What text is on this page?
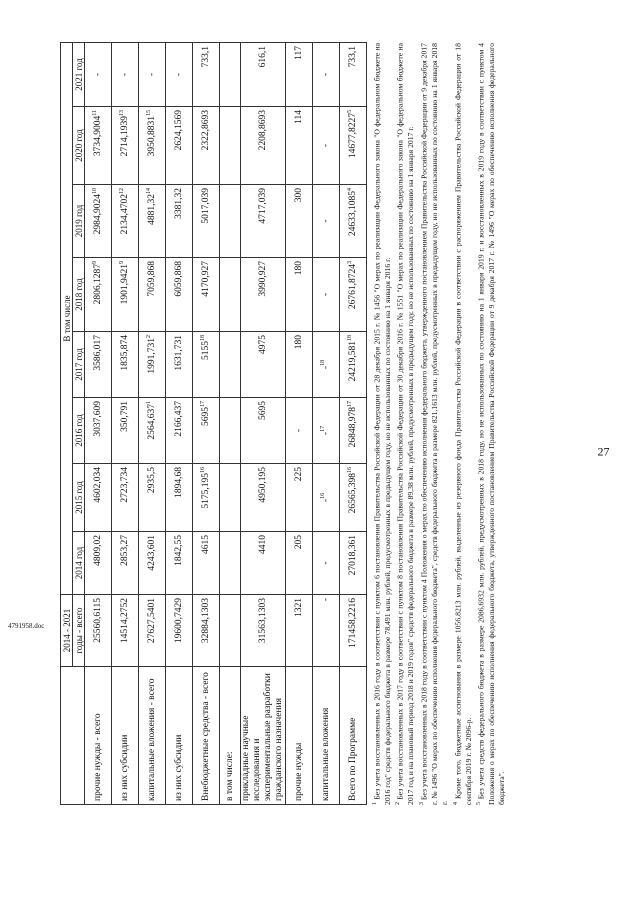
27
	2014 - 2021	В том числе							
	годы - всего	2014 год	2015 год	2016 год	2017 год	2018 год	2019 год	2020 год	2021 год
прочие нужды - всего	25560,6115	4809,02	4602,034	3037,609	3586,017	2806,1287$^9$	2984,9024$^{10}$	3734,9004$^{11}$	-
из них субсидии	14514,2752	2853,27	2723,734	350,791	1835,874	1901,9421$^9$	2134,4702$^{12}$	2714,1939$^{13}$	-
капитальные вложения - всего	27627,5401	4243,601	2935,5	2564,637$^1$	1991,731$^2$	7059,868	4881,32$^{14}$	3950,8831$^{15}$	-
из них субсидии	19600,7429	1842,55	1894,68	2166,437	1631,731	6059,868	3381,32	2624,1569	-
Внебюджетные средства - всего	32884,1303	4615	5175,195$^{16}$	5695$^{17}$	5155$^{18}$	4170,927	5017,039	2322,8693	733,1
в том числе:									
прикладные научные исследования и экспериментальные разработки гражданского назначения	31563,1303	4410	4950,195	5695	4975	3990,927	4717,039	2208,8693	616,1
прочие нужды	1321	205	225	-	180	180	300	114	117
капитальные вложения	-	-	-$^{16}$	-$^{17}$	-$^{18}$	-	-	-	-
Всего по Программе	171458,2216	27018,361	26565,398$^{16}$	26848,978$^{17}$	24219,581$^{18}$	26761,8724$^3$	24633,1085$^4$	14677,8227$^5$	733,1

$^1$ Без учета восстановленных в 2016 году в соответствии с пунктом 6 постановления Правительства Российской Федерации от 28 декабря 2015 г. № 1456 "О мерах по реализации Федерального закона "О федеральном бюджете на 2016 год" средств федерального бюджета в размере 78,491 млн. рублей, предусмотренных в предыдущем году, но не использованных по состоянию на 1 января 2016 г. $^2$ Без учета восстановленных в 2017 году в соответствии с пунктом 8 постановления Правительства Российской Федерации от 30 декабря 2016 г. № 1551 "О мерах по реализации Федерального закона "О федеральном бюджете на 2017 год и на плановый период 2018 и 2019 годов" средств федерального бюджета в размере 89,38 млн. рублей, предусмотренных в предыдущем году, но не использованных по состоянию на 1 января 2017 г. $^3$ Без учета восстановленных в 2018 году в соответствии с пунктом 4 Положения о мерах по обеспечению исполнения федерального бюджета, утвержденного постановлением Правительства Российской Федерации от 9 декабря 2017 г. № 1496 "О мерах по обеспечению исполнения федерального бюджета", средств федерального бюджета в размере 821,1613 млн. рублей, предусмотренных в предыдущем году, но не использованных по состоянию на 1 января 2018 г. $^4$ Кроме того, бюджетные ассигнования в размере 1056,8213 млн. рублей, выделенные из резервного фонда Правительства Российской Федерации в соответствии с распоряжением Правительства Российской Федерации от 18 сентября 2019 г. № 2096-р. $^5$ Без учета средств федерального бюджета в размере 2086,6932 млн. рублей, предусмотренных в 2018 году, но не использованных по состоянию на 1 января 2019 г. и восстановленных в 2019 году в соответствии с пунктом 4 Положения о мерах по обеспечению исполнения федерального бюджета, утвержденного постановлением Правительства Российской Федерации от 9 декабря 2017 г. № 1496 "О мерах по обеспечению исполнения федерального бюджета".

4791958.doc
